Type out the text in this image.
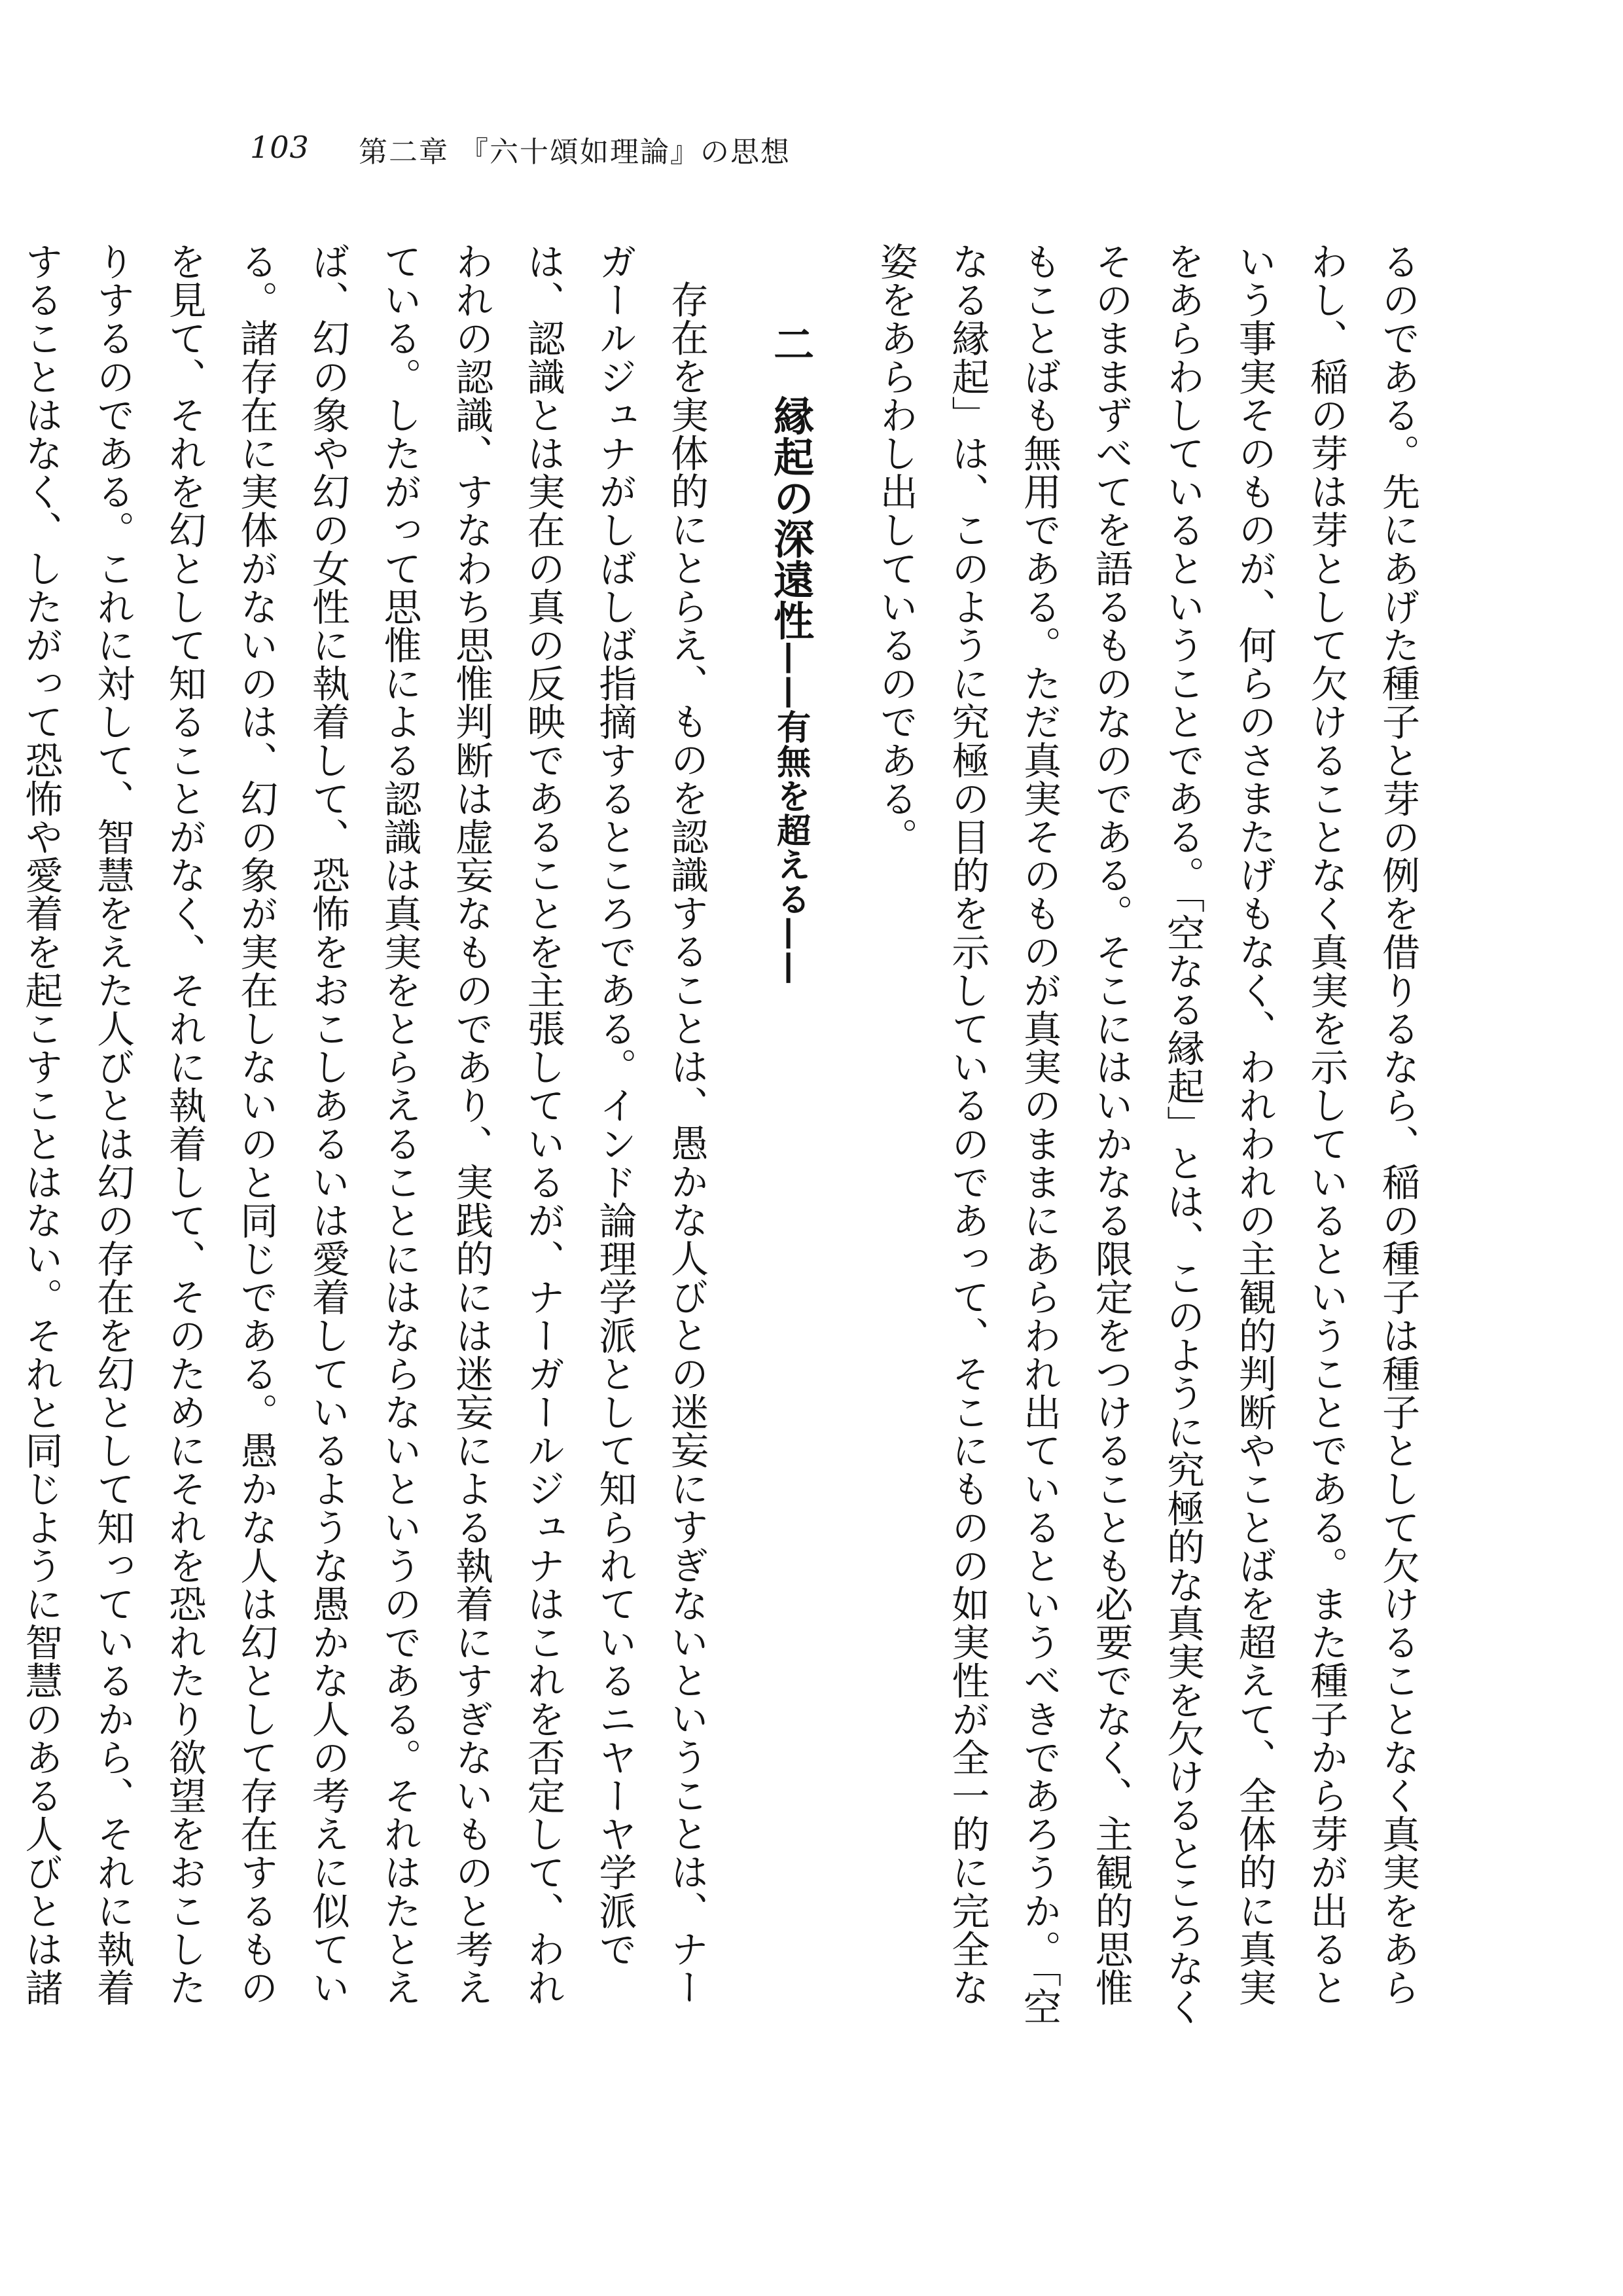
103 第二章 『六十頌如理論』の思想

るのである。先にあげた種子と芽の例を借りるなら、稲の種子は種子として欠けることなく真実をあらわし、稲の芽は芽として欠けることなく真実を示しているということである。また種子から芽が出るという事実そのものが、何らのさまたげもなく、われわれの主観的判断やことばを超えて、全体的に真実をあらわしているということである。「空なる縁起」とは、このように究極的な真実を欠けるところなくそのままずべてを語るものなのである。そこにはいかなる限定をつけることも必要でなく、主観的思惟もことばも無用である。ただ真実そのものが真実のままにあらわれ出ているというべきであろうか。「空なる縁起」は、このように究極の目的を示しているのであって、そこにものの如実性が全一的に完全な姿をあらわし出しているのである。

二 縁起の深遠性——有無を超える——

存在を実体的にとらえ、ものを認識することは、愚かな人びとの迷妄にすぎないということは、ナーガールジュナがしばしば指摘するところである。インド論理学派として知られているニヤーヤ学派では、認識とは実在の真の反映であることを主張しているが、ナーガールジュナはこれを否定して、われわれの認識、すなわち思惟判断は虚妄なものであり、実践的には迷妄による執着にすぎないものと考えている。したがって思惟による認識は真実をとらえることにはならないというのである。それはたとえば、幻の象や幻の女性に執着して、恐怖をおこしあるいは愛着しているような愚かな人の考えに似ている。諸存在に実体がないのは、幻の象が実在しないのと同じである。愚かな人は幻として存在するものを見て、それを幻として知ることがなく、それに執着して、そのためにそれを恐れたり欲望をおこしたりするのである。これに対して、智慧をえた人びとは幻の存在を幻として知っているから、それに執着することはなく、したがって恐怖や愛着を起こすことはない。それと同じように智慧のある人びとは諸
